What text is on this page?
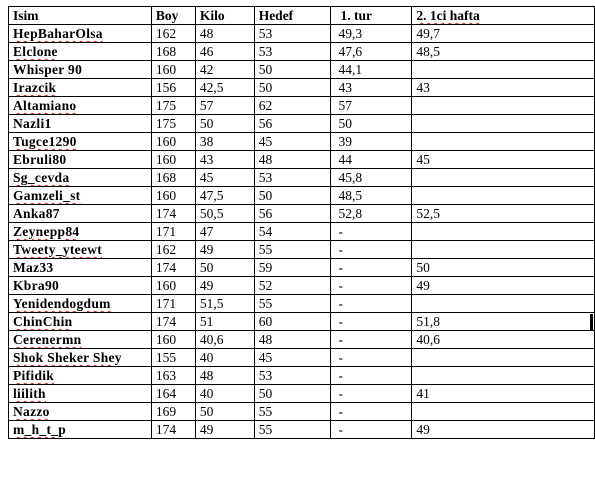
Isim	Boy	Kilo	Hedef	1. tur	2. 1ci hafta
HepBaharOlsa	162	48	53	49,3	49,7
Elclone	168	46	53	47,6	48,5
Whisper 90	160	42	50	44,1	
Irazcik	156	42,5	50	43	43
Altamiano	175	57	62	57	
Nazli1	175	50	56	50	
Tugce1290	160	38	45	39	
Ebruli80	160	43	48	44	45
Sg_cevda	168	45	53	45,8	
Gamzeli_st	160	47,5	50	48,5	
Anka87	174	50,5	56	52,8	52,5
Zeynepp84	171	47	54	-	
Tweety_yteewt	162	49	55	-	
Maz33	174	50	59	-	50
Kbra90	160	49	52	-	49
Yenidendogdum	171	51,5	55	-	
ChinChin	174	51	60	-	51,8
Cerenermn	160	40,6	48	-	40,6
Shok Sheker Shey	155	40	45	-	
Pifidik	163	48	53	-	
liilith	164	40	50	-	41
Nazzo	169	50	55	-	
m_h_t_p	174	49	55	-	49
